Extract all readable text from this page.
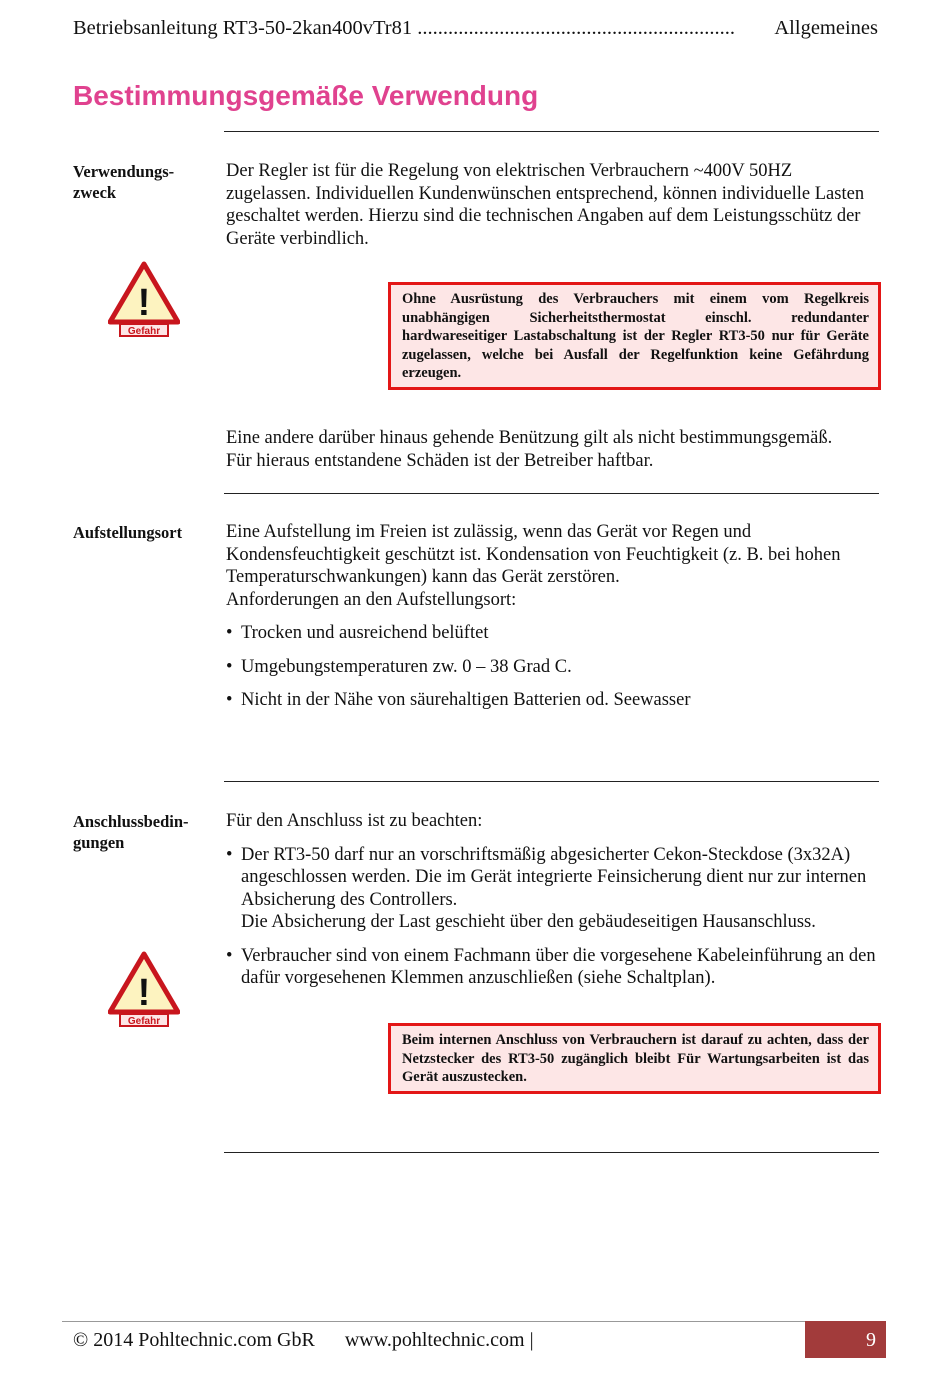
Betriebsanleitung RT3-50-2kan400vTr81 .............................................................. Allgemeines
Bestimmungsgemäße Verwendung
Verwendungs-
zweck

Der Regler ist für die Regelung von elektrischen Verbrauchern ~400V 50HZ zugelassen. Individuellen Kundenwünschen entsprechend, können individuelle Lasten geschaltet werden. Hierzu sind die technischen Angaben auf dem Leistungsschütz der Geräte verbindlich.

!
Gefahr
Ohne Ausrüstung des Verbrauchers mit einem vom Regelkreis unabhängigen Sicherheitsthermostat einschl. redundanter hardwareseitiger Lastabschaltung ist der Regler RT3-50 nur für Geräte zugelassen, welche bei Ausfall der Regelfunktion keine Gefährdung erzeugen.

Eine andere darüber hinaus gehende Benützung gilt als nicht bestimmungsgemäß.

Für hieraus entstandene Schäden ist der Betreiber haftbar.

Aufstellungsort	Eine Aufstellung im Freien ist zulässig, wenn das Gerät vor Regen und Kondensfeuchtigkeit geschützt ist. Kondensation von Feuchtigkeit (z. B. bei hohen Temperaturschwankungen) kann das Gerät zerstören.

Anforderungen an den Aufstellungsort:

• Trocken und ausreichend belüftet
• Umgebungstemperaturen zw. 0 – 38 Grad C.
• Nicht in der Nähe von säurehaltigen Batterien od. Seewasser
Anschlussbedin-
gungen

Für den Anschluss ist zu beachten:

• Der RT3-50 darf nur an vorschriftsmäßig abgesicherter Cekon-Steckdose (3x32A) angeschlossen werden. Die im Gerät integrierte Feinsicherung dient nur zur internen Absicherung des Controllers.
Die Absicherung der Last geschieht über den gebäudeseitigen Hausanschluss.
• Verbraucher sind von einem Fachmann über die vorgesehene Kabeleinführung an den dafür vorgesehenen Klemmen anzuschließen (siehe Schaltplan).
!
Gefahr
Beim internen Anschluss von Verbrauchern ist darauf zu achten, dass der Netzstecker des RT3-50 zugänglich bleibt Für Wartungsarbeiten ist das Gerät auszustecken.
© 2014 Pohltechnic.com GbR www.pohltechnic.com |	9
